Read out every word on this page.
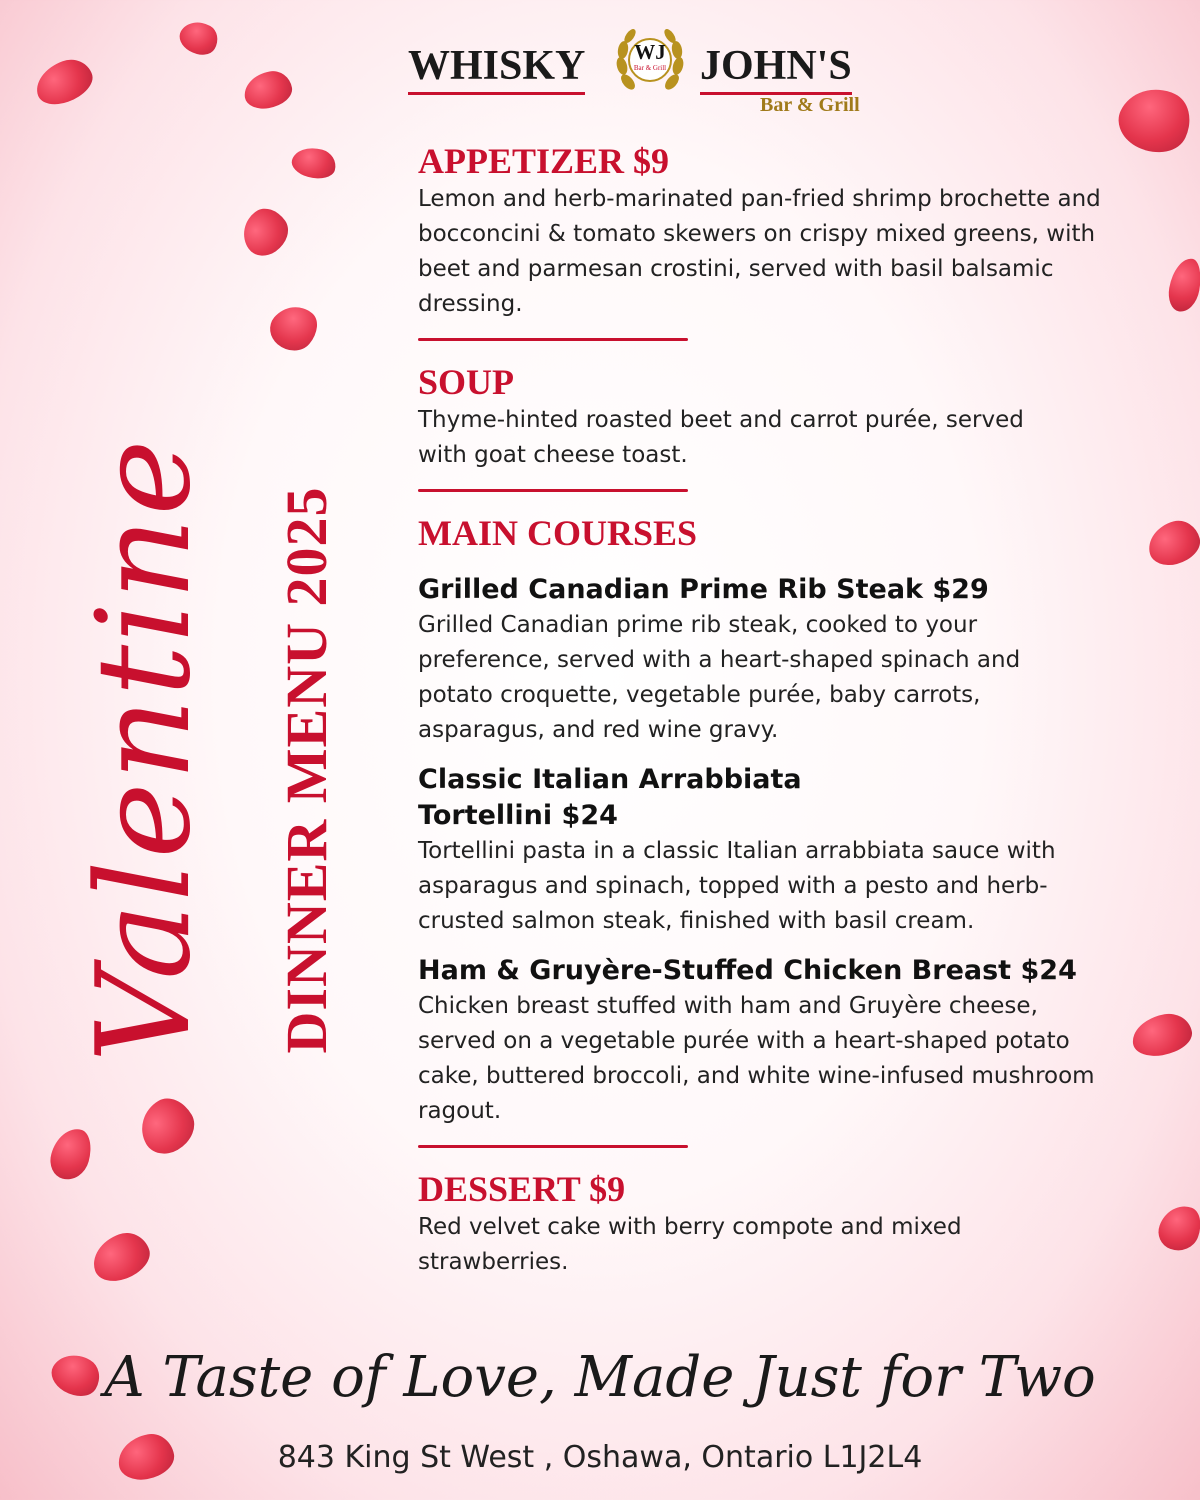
WHISKY	WJ
Bar & Grill JOHN'S
Bar & Grill
Valentine DINNER MENU 2025
APPETIZER $9

Lemon and herb-marinated pan-fried shrimp brochette and bocconcini & tomato skewers on crispy mixed greens, with beet and parmesan crostini, served with basil balsamic dressing.

SOUP

Thyme-hinted roasted beet and carrot purée, served with goat cheese toast.

MAIN COURSES
Grilled Canadian Prime Rib Steak $29

Grilled Canadian prime rib steak, cooked to your preference, served with a heart-shaped spinach and potato croquette, vegetable purée, baby carrots, asparagus, and red wine gravy.

Classic Italian Arrabbiata Tortellini $24

Tortellini pasta in a classic Italian arrabbiata sauce with asparagus and spinach, topped with a pesto and herb-crusted salmon steak, finished with basil cream.

Ham & Gruyère-Stuffed Chicken Breast $24

Chicken breast stuffed with ham and Gruyère cheese, served on a vegetable purée with a heart-shaped potato cake, buttered broccoli, and white wine-infused mushroom ragout.

DESSERT $9

Red velvet cake with berry compote and mixed strawberries.

A Taste of Love, Made Just for Two
843 King St West , Oshawa, Ontario L1J2L4
